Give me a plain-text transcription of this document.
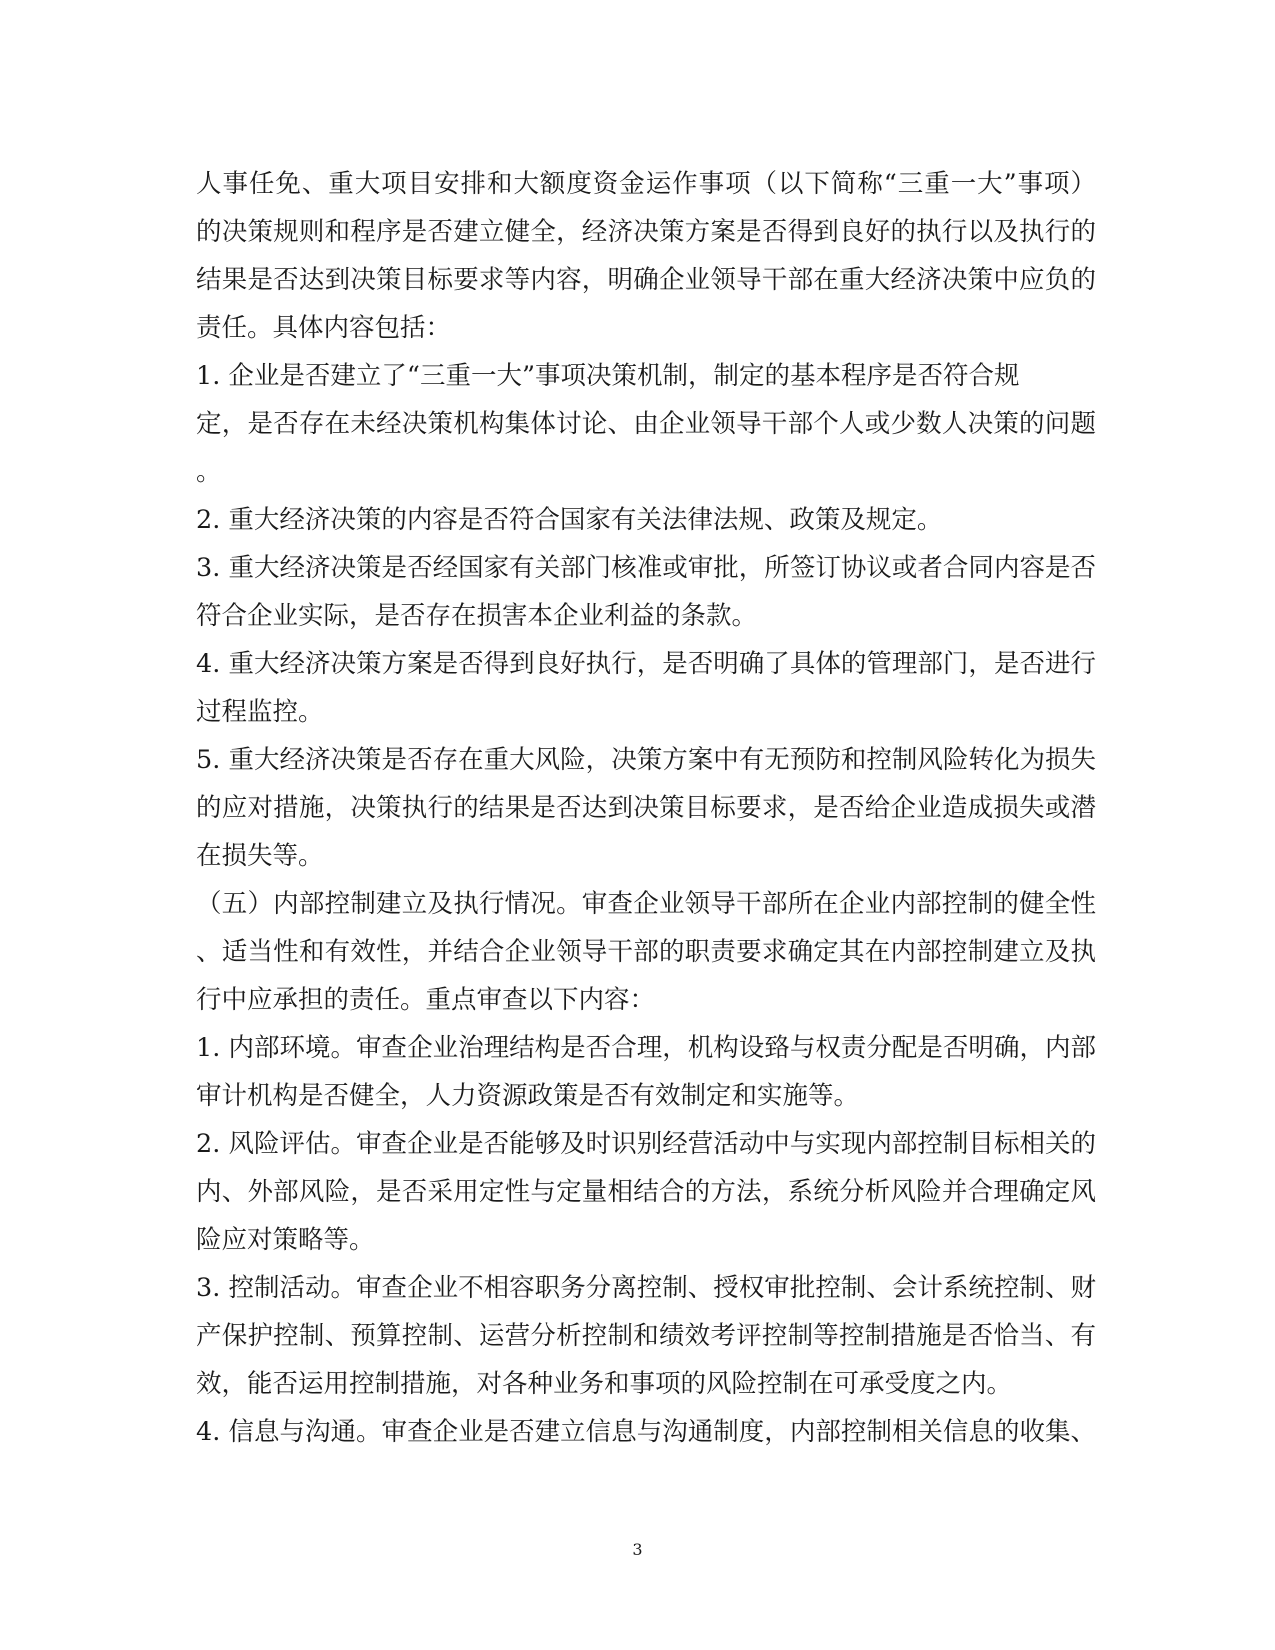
人事任免、重大项目安排和大额度资金运作事项（以下简称“三重一大”事项）
的决策规则和程序是否建立健全，经济决策方案是否得到良好的执行以及执行的
结果是否达到决策目标要求等内容，明确企业领导干部在重大经济决策中应负的
责任。具体内容包括：
1. 企业是否建立了“三重一大”事项决策机制，制定的基本程序是否符合规
定，是否存在未经决策机构集体讨论、由企业领导干部个人或少数人决策的问题
。
2. 重大经济决策的内容是否符合国家有关法律法规、政策及规定。
3. 重大经济决策是否经国家有关部门核准或审批，所签订协议或者合同内容是否
符合企业实际，是否存在损害本企业利益的条款。
4. 重大经济决策方案是否得到良好执行，是否明确了具体的管理部门，是否进行
过程监控。
5. 重大经济决策是否存在重大风险，决策方案中有无预防和控制风险转化为损失
的应对措施，决策执行的结果是否达到决策目标要求，是否给企业造成损失或潜
在损失等。
（五）内部控制建立及执行情况。审查企业领导干部所在企业内部控制的健全性
、适当性和有效性，并结合企业领导干部的职责要求确定其在内部控制建立及执
行中应承担的责任。重点审查以下内容：
1. 内部环境。审查企业治理结构是否合理，机构设臵与权责分配是否明确，内部
审计机构是否健全，人力资源政策是否有效制定和实施等。
2. 风险评估。审查企业是否能够及时识别经营活动中与实现内部控制目标相关的
内、外部风险，是否采用定性与定量相结合的方法，系统分析风险并合理确定风
险应对策略等。
3. 控制活动。审查企业不相容职务分离控制、授权审批控制、会计系统控制、财
产保护控制、预算控制、运营分析控制和绩效考评控制等控制措施是否恰当、有
效，能否运用控制措施，对各种业务和事项的风险控制在可承受度之内。
4. 信息与沟通。审查企业是否建立信息与沟通制度，内部控制相关信息的收集、
3
